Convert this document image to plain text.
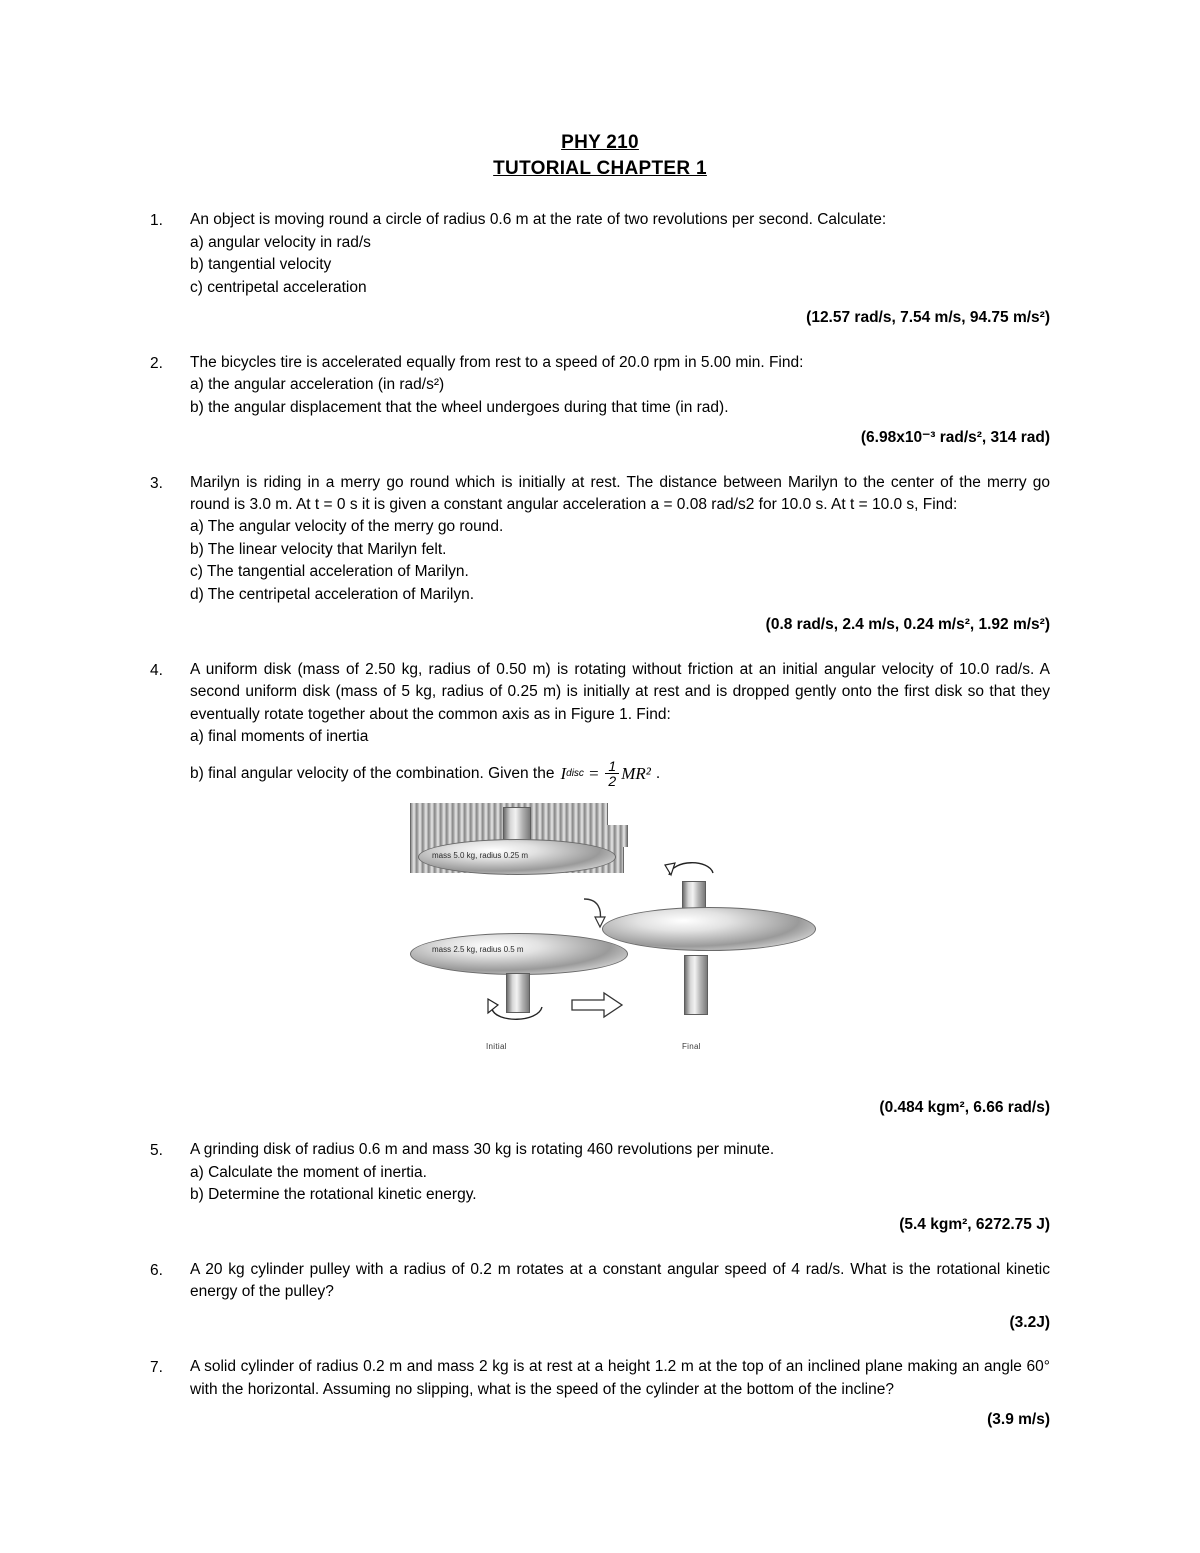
PHY 210
TUTORIAL CHAPTER 1
1.	An object is moving round a circle of radius 0.6 m at the rate of two revolutions per second. Calculate:

a) angular velocity in rad/s

b) tangential velocity

c) centripetal acceleration

(12.57 rad/s, 7.54 m/s, 94.75 m/s²)
2.	The bicycles tire is accelerated equally from rest to a speed of 20.0 rpm in 5.00 min. Find:

a) the angular acceleration (in rad/s²)

b) the angular displacement that the wheel undergoes during that time (in rad).

(6.98x10⁻³ rad/s², 314 rad)
3.	Marilyn is riding in a merry go round which is initially at rest. The distance between Marilyn to the center of the merry go round is 3.0 m. At t = 0 s it is given a constant angular acceleration a = 0.08 rad/s2 for 10.0 s. At t = 10.0 s, Find:

a) The angular velocity of the merry go round.

b) The linear velocity that Marilyn felt.

c) The tangential acceleration of Marilyn.

d) The centripetal acceleration of Marilyn.

(0.8 rad/s, 2.4 m/s, 0.24 m/s², 1.92 m/s²)
4.	A uniform disk (mass of 2.50 kg, radius of 0.50 m) is rotating without friction at an initial angular velocity of 10.0 rad/s. A second uniform disk (mass of 5 kg, radius of 0.25 m) is initially at rest and is dropped gently onto the first disk so that they eventually rotate together about the common axis as in Figure 1. Find:

a) final moments of inertia

b) final angular velocity of the combination. Given the I disc = $\frac{1}{2} MR^2$ .
mass 5.0 kg, radius 0.25 m
mass 2.5 kg, radius 0.5 m
Initial	Final
(0.484 kgm², 6.66 rad/s)
5.	A grinding disk of radius 0.6 m and mass 30 kg is rotating 460 revolutions per minute.

a) Calculate the moment of inertia.

b) Determine the rotational kinetic energy.

(5.4 kgm², 6272.75 J)
6.	A 20 kg cylinder pulley with a radius of 0.2 m rotates at a constant angular speed of 4 rad/s. What is the rotational kinetic energy of the pulley?

(3.2J)
7.	A solid cylinder of radius 0.2 m and mass 2 kg is at rest at a height 1.2 m at the top of an inclined plane making an angle 60° with the horizontal. Assuming no slipping, what is the speed of the cylinder at the bottom of the incline?

(3.9 m/s)
